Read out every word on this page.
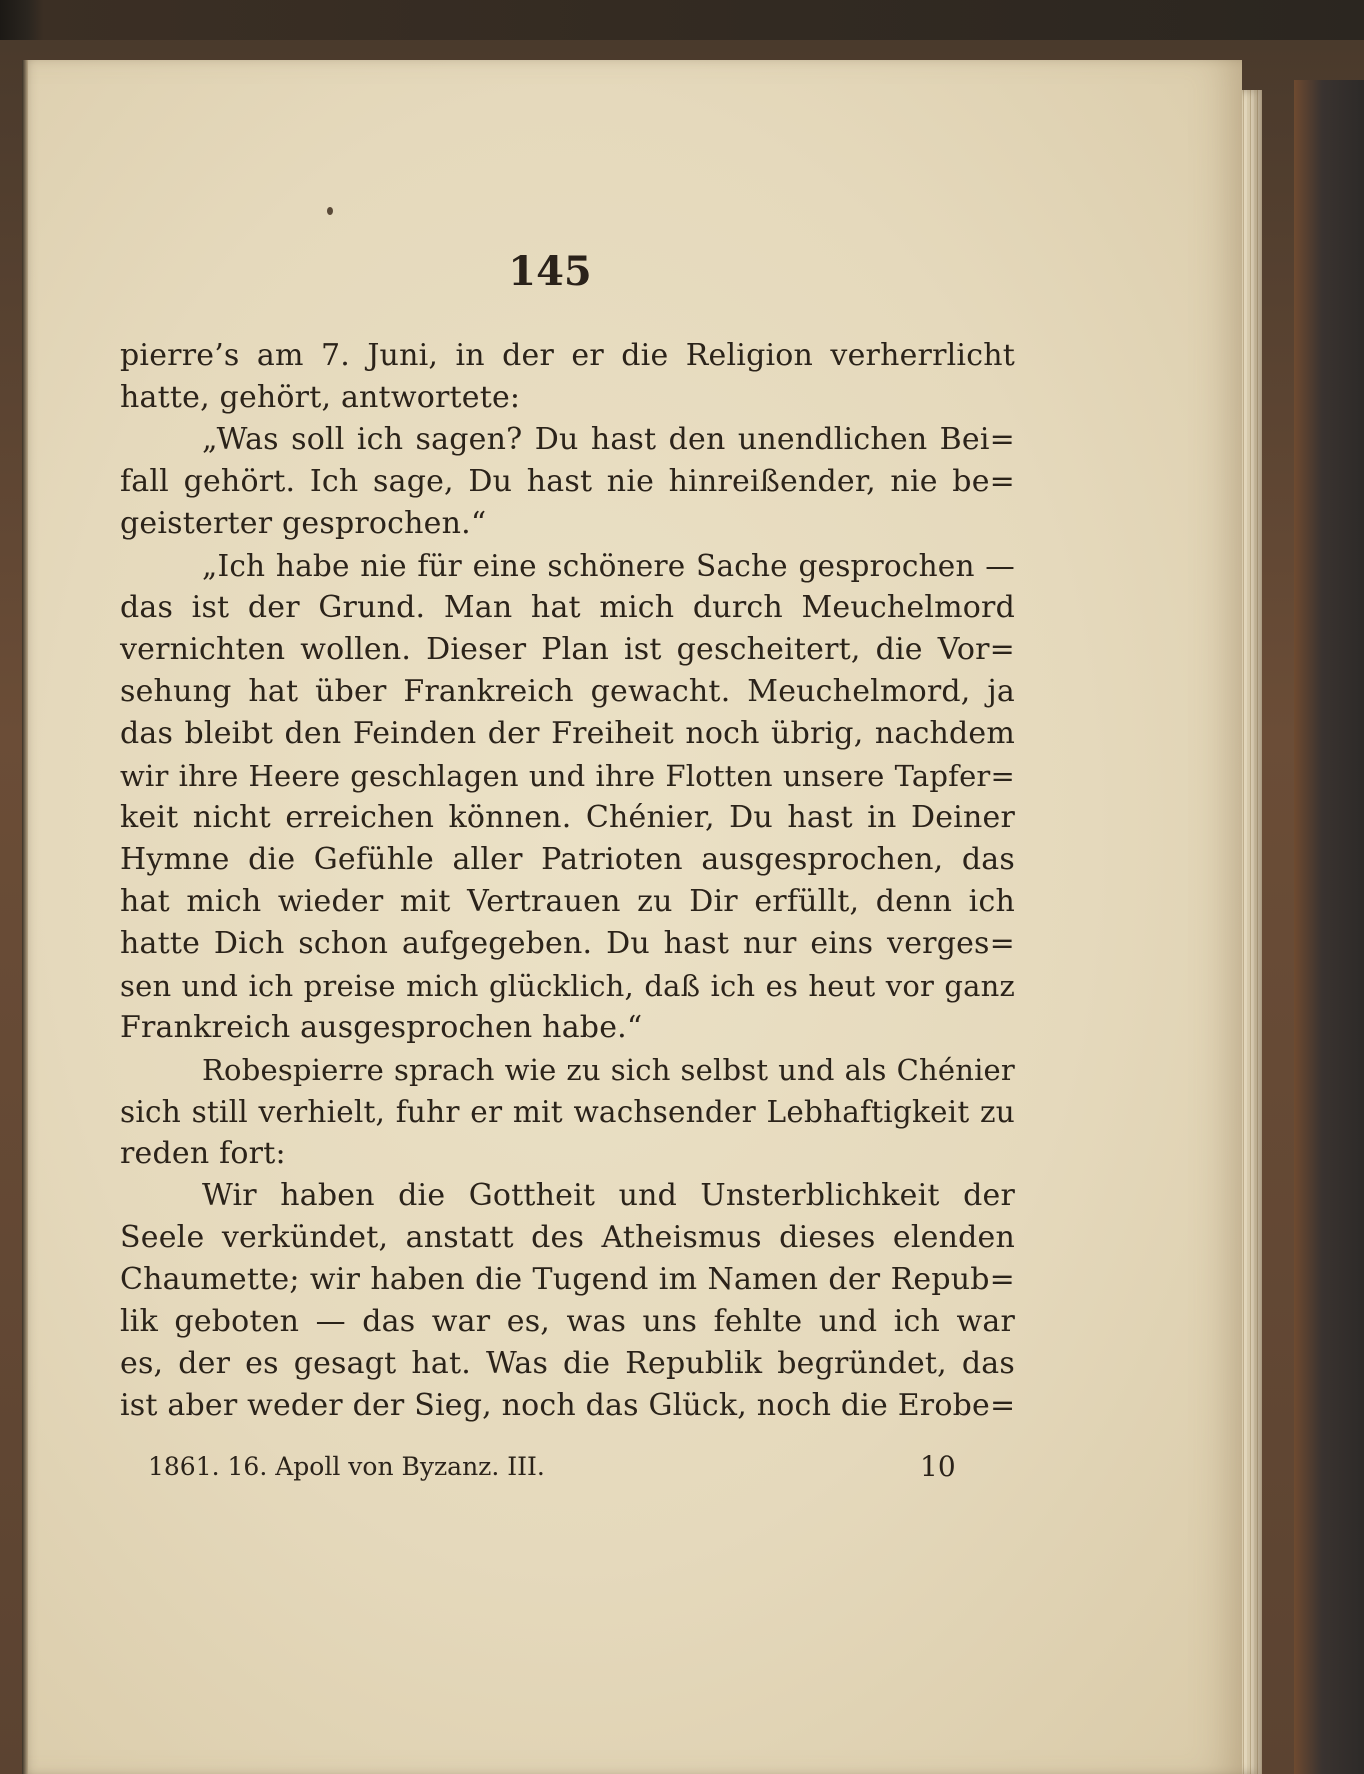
145
pierre’s am 7. Juni, in der er die Religion verherrlicht
hatte, gehört, antwortete:
„Was soll ich sagen? Du hast den unendlichen Bei=
fall gehört. Ich sage, Du hast nie hinreißender, nie be=
geisterter gesprochen.“
„Ich habe nie für eine schönere Sache gesprochen —
das ist der Grund. Man hat mich durch Meuchelmord
vernichten wollen. Dieser Plan ist gescheitert, die Vor=
sehung hat über Frankreich gewacht. Meuchelmord, ja
das bleibt den Feinden der Freiheit noch übrig, nachdem
wir ihre Heere geschlagen und ihre Flotten unsere Tapfer=
keit nicht erreichen können. Chénier, Du hast in Deiner
Hymne die Gefühle aller Patrioten ausgesprochen, das
hat mich wieder mit Vertrauen zu Dir erfüllt, denn ich
hatte Dich schon aufgegeben. Du hast nur eins verges=
sen und ich preise mich glücklich, daß ich es heut vor ganz
Frankreich ausgesprochen habe.“
Robespierre sprach wie zu sich selbst und als Chénier
sich still verhielt, fuhr er mit wachsender Lebhaftigkeit zu
reden fort:
Wir haben die Gottheit und Unsterblichkeit der
Seele verkündet, anstatt des Atheismus dieses elenden
Chaumette; wir haben die Tugend im Namen der Repub=
lik geboten — das war es, was uns fehlte und ich war
es, der es gesagt hat. Was die Republik begründet, das
ist aber weder der Sieg, noch das Glück, noch die Erobe=
1861. 16. Apoll von Byzanz. III.	10
